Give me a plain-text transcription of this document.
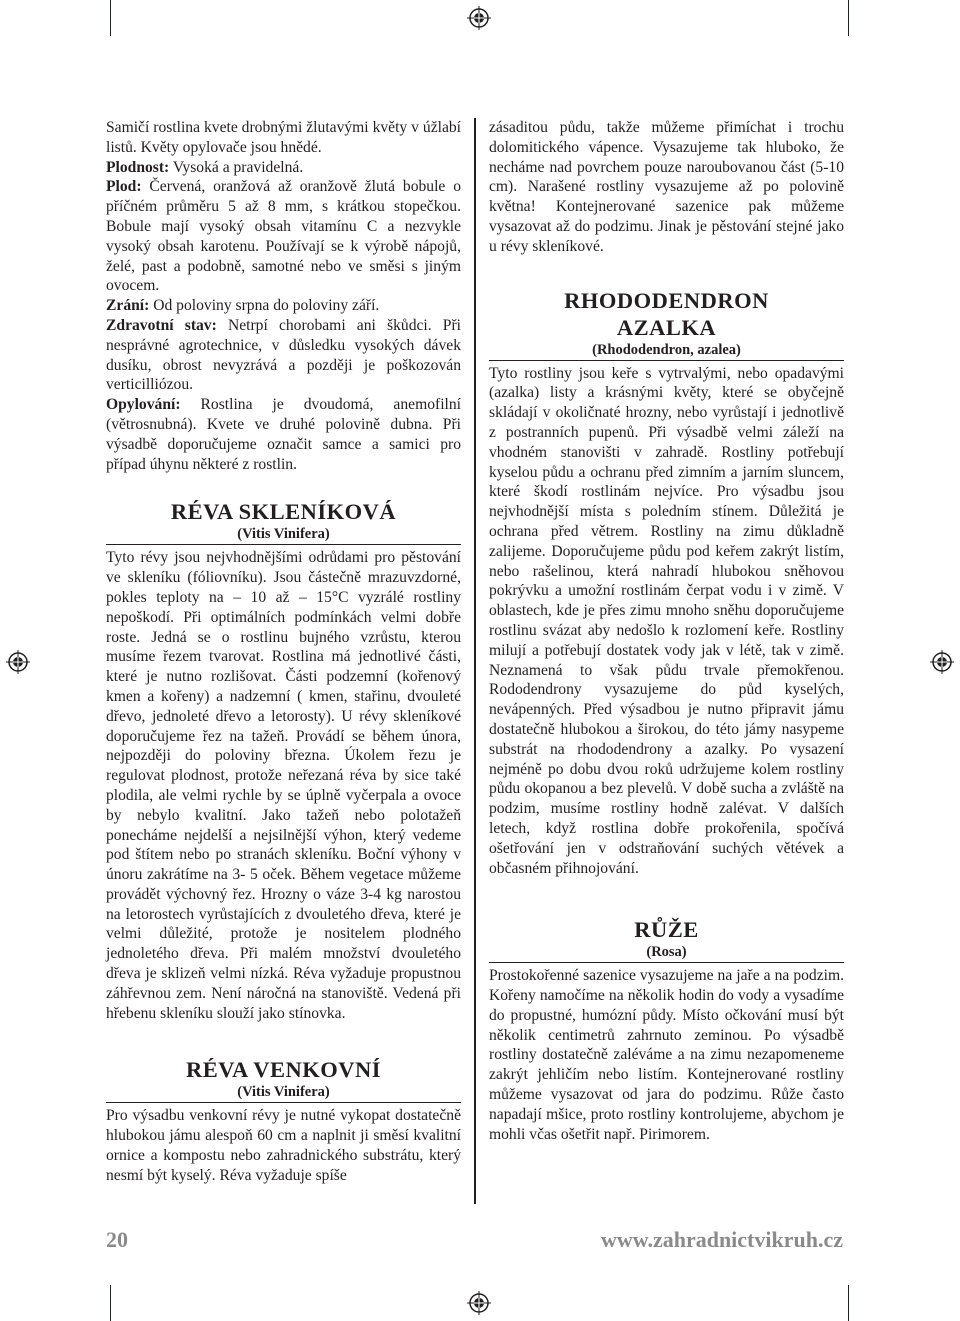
Samičí rostlina kvete drobnými žlutavými květy v úžlabí listů. Květy opylovače jsou hnědé.

Plodnost: Vysoká a pravidelná.

Plod: Červená, oranžová až oranžově žlutá bobule o příčném průměru 5 až 8 mm, s krátkou stopečkou. Bobule mají vysoký obsah vitamínu C a nezvykle vysoký obsah karotenu. Používají se k výrobě nápojů, želé, past a podobně, samotné nebo ve směsi s jiným ovocem.

Zrání: Od poloviny srpna do poloviny září.

Zdravotní stav: Netrpí chorobami ani škůdci. Při nesprávné agrotechnice, v důsledku vysokých dávek dusíku, obrost nevyzrává a později je poškozován verticillіózou.

Opylování: Rostlina je dvoudomá, anemofilní (větrosnubná). Kvete ve druhé polovině dubna. Při výsadbě doporučujeme označit samce a samici pro případ úhynu některé z rostlin.

RÉVA SKLENÍKOVÁ
(Vitis Vinifera)

Tyto révy jsou nejvhodnějšími odrůdami pro pěstování ve skleníku (fóliovníku). Jsou částečně mrazuvzdorné, pokles teploty na – 10 až – 15°C vyzrálé rostliny nepoškodí. Při optimálních podmínkách velmi dobře roste. Jedná se o rostlinu bujného vzrůstu, kterou musíme řezem tvarovat. Rostlina má jednotlivé části, které je nutno rozlišovat. Části podzemní (kořenový kmen a kořeny) a nadzemní ( kmen, stařinu, dvouleté dřevo, jednoleté dřevo a letorosty). U révy skleníkové doporučujeme řez na tažeň. Provádí se během února, nejpozději do poloviny března. Úkolem řezu je regulovat plodnost, protože neřezaná réva by sice také plodila, ale velmi rychle by se úplně vyčerpala a ovoce by nebylo kvalitní. Jako tažeň nebo polotažeň ponecháme nejdelší a nejsilnější výhon, který vedeme pod štítem nebo po stranách skleníku. Boční výhony v únoru zakrátíme na 3- 5 oček. Během vegetace můžeme provádět výchovný řez. Hrozny o váze 3-4 kg narostou na letorostech vyrůstajících z dvouletého dřeva, které je velmi důležité, protože je nositelem plodného jednoletého dřeva. Při malém množství dvouletého dřeva je sklizeň velmi nízká. Réva vyžaduje propustnou záhřevnou zem. Není náročná na stanoviště. Vedená při hřebenu skleníku slouží jako stínovka.

RÉVA VENKOVNÍ
(Vitis Vinifera)

Pro výsadbu venkovní révy je nutné vykopat dostatečně hlubokou jámu alespoň 60 cm a naplnit ji směsí kvalitní ornice a kompostu nebo zahradnického substrátu, který nesmí být kyselý. Réva vyžaduje spíše

zásaditou půdu, takže můžeme přimíchat i trochu dolomitického vápence. Vysazujeme tak hluboko, že necháme nad povrchem pouze naroubovanou část (5-10 cm). Narašené rostliny vysazujeme až po polovině května! Kontejnerované sazenice pak můžeme vysazovat až do podzimu. Jinak je pěstování stejné jako u révy skleníkové.

RHODODENDRON
AZALKA
(Rhododendron, azalea)

Tyto rostliny jsou keře s vytrvalými, nebo opadavými (azalka) listy a krásnými květy, které se obyčejně skládají v okoličnaté hrozny, nebo vyrůstají i jednotlivě z postranních pupenů. Při výsadbě velmi záleží na vhodném stanovišti v zahradě. Rostliny potřebují kyselou půdu a ochranu před zimním a jarním sluncem, které škodí rostlinám nejvíce. Pro výsadbu jsou nejvhodnější místa s poledním stínem. Důležitá je ochrana před větrem. Rostliny na zimu důkladně zalijeme. Doporučujeme půdu pod keřem zakrýt listím, nebo rašelinou, která nahradí hlubokou sněhovou pokrývku a umožní rostlinám čerpat vodu i v zimě. V oblastech, kde je přes zimu mnoho sněhu doporučujeme rostlinu svázat aby nedošlo k rozlomení keře. Rostliny milují a potřebují dostatek vody jak v létě, tak v zimě. Neznamená to však půdu trvale přemokřenou. Rododendrony vysazujeme do půd kyselých, nevápenných. Před výsadbou je nutno připravit jámu dostatečně hlubokou a širokou, do této jámy nasypeme substrát na rhododendrony a azalky. Po vysazení nejméně po dobu dvou roků udržujeme kolem rostliny půdu okopanou a bez plevelů. V době sucha a zvláště na podzim, musíme rostliny hodně zalévat. V dalších letech, když rostlina dobře prokořenila, spočívá ošetřování jen v odstraňování suchých větévek a občasném přihnojování.

RŮŽE
(Rosa)

Prostokořenné sazenice vysazujeme na jaře a na podzim. Kořeny namočíme na několik hodin do vody a vysadíme do propustné, humózní půdy. Místo očkování musí být několik centimetrů zahrnuto zeminou. Po výsadbě rostliny dostatečně zaléváme a na zimu nezapomeneme zakrýt jehličím nebo listím. Kontejnerované rostliny můžeme vysazovat od jara do podzimu. Růže často napadají mšice, proto rostliny kontrolujeme, abychom je mohli včas ošetřit např. Pirimorem.

20	www.zahradnictvikruh.cz
